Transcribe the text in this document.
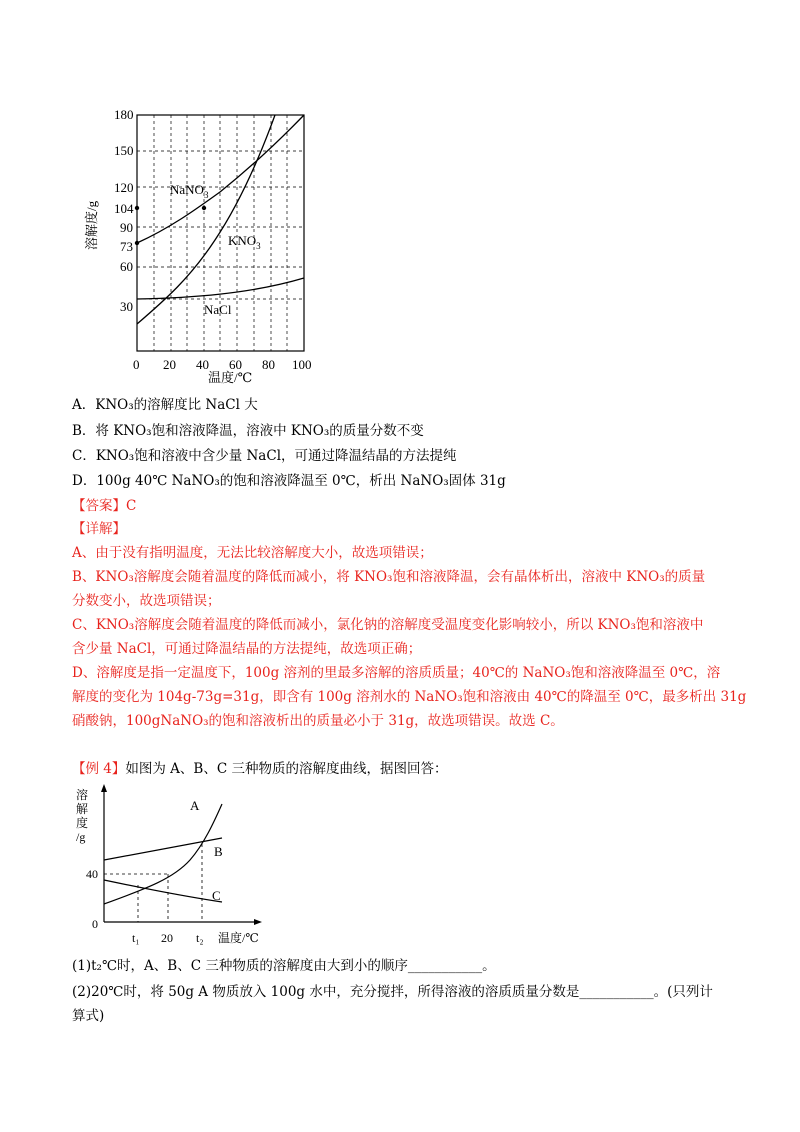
180
150
120
104
90
73
60
30
0 20 40 60 80 100
溶解度/g
温度/℃
NaNO$_3$
$KNO_3$
NaCl
A．KNO₃的溶解度比 NaCl 大
B．将 KNO₃饱和溶液降温，溶液中 KNO₃的质量分数不变
C．KNO₃饱和溶液中含少量 NaCl，可通过降温结晶的方法提纯
D．100g 40℃ NaNO₃的饱和溶液降温至 0℃，析出 NaNO₃固体 31g
【答案】C
【详解】
A、由于没有指明温度，无法比较溶解度大小，故选项错误；
B、KNO₃溶解度会随着温度的降低而减小，将 KNO₃饱和溶液降温，会有晶体析出，溶液中 KNO₃的质量
分数变小，故选项错误；
C、KNO₃溶解度会随着温度的降低而减小，氯化钠的溶解度受温度变化影响较小，所以 KNO₃饱和溶液中
含少量 NaCl，可通过降温结晶的方法提纯，故选项正确；
D、溶解度是指一定温度下，100g 溶剂的里最多溶解的溶质质量；40℃的 NaNO₃饱和溶液降温至 0℃，溶
解度的变化为 104g-73g=31g，即含有 100g 溶剂水的 NaNO₃饱和溶液由 40℃的降温至 0℃，最多析出 31g
硝酸钠，100gNaNO₃的饱和溶液析出的质量必小于 31g，故选项错误。故选 C。
【例 4】如图为 A、B、C 三种物质的溶解度曲线，据图回答：
溶
解
度
/g
40
0
A
B
C
t₁ 20 t₂ 温度/℃
(1)t₂℃时，A、B、C 三种物质的溶解度由大到小的顺序___________。
(2)20℃时，将 50g A 物质放入 100g 水中，充分搅拌，所得溶液的溶质质量分数是___________。(只列计
算式)
